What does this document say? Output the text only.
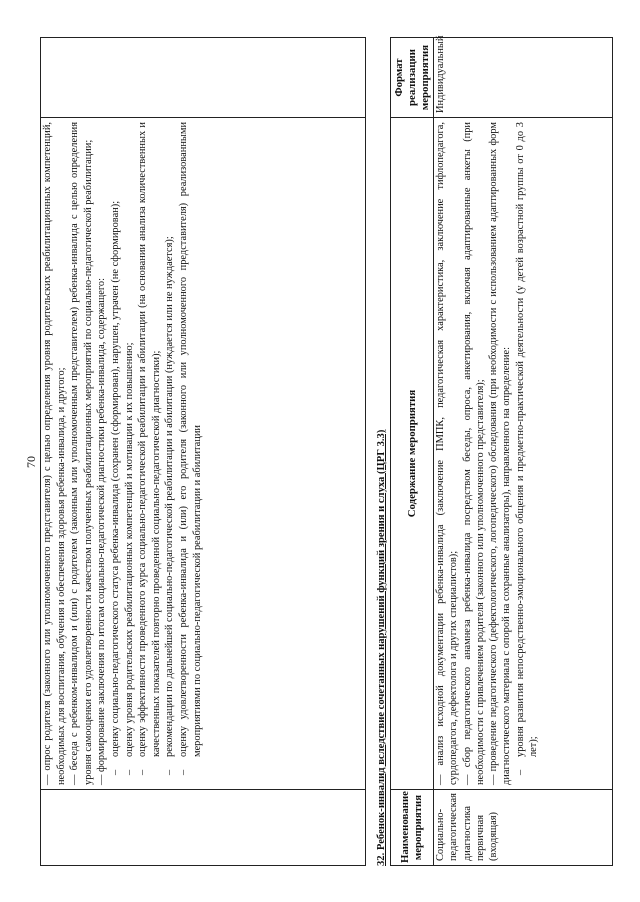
70
	— опрос родителя (законного или уполномоченного представителя) с целью определения уровня родительских реабилитационных компетенций, необходимых для воспитания, обучения и обеспечения здоровья ребенка-инвалида, и другого; — беседа с ребенком-инвалидом и (или) с родителем (законным или уполномоченным представителем) ребенка-инвалида с целью определения уровня самооценки его удовлетворенности качеством полученных реабилитационных мероприятий по социально-педагогической реабилитации; — формирование заключения по итогам социально-педагогической диагностики ребенка-инвалида, содержащего: –
оценку социально-педагогического статуса ребенка-инвалида (сохранен (сформирован), нарушен, утрачен (не сформирован);
–
оценку уровня родительских реабилитационных компетенций и мотивации к их повышению;
–
оценку эффективности проведенного курса социально-педагогической реабилитации и абилитации (на основании анализа количественных и качественных показателей повторно проведенной социально-педагогической диагностики);
–
рекомендации по дальнейшей социально-педагогической реабилитации и абилитации (нуждается или не нуждается);
–
оценку удовлетворенности ребенка-инвалида и (или) его родителя (законного или уполномоченного представителя) реализованными мероприятиями по социально-педагогической реабилитации и абилитации
		32. Ребенок-инвалид вследствие сочетанных нарушений функций зрения и слуха (ЦРГ 3.3) Наименование мероприятия	Содержание мероприятия	Формат реализации мероприятия
Социально-педагогическая диагностика первичная (входящая)	— анализ исходной документации ребенка-инвалида (заключение ПМПК, педагогическая характеристика, заключение тифлопедагога, сурдопедагога, дефектолога и других специалистов); — сбор педагогического анамнеза ребенка-инвалида посредством беседы, опроса, анкетирования, включая адаптированные анкеты (при необходимости с привлечением родителя (законного или уполномоченного представителя); — проведение педагогического (дефектологического, логопедического) обследования (при необходимости с использованием адаптированных форм диагностического материала с опорой на сохранные анализаторы), направленного на определение: –
уровня развития непосредственно-эмоционального общения и предметно-практической деятельности (у детей возрастной группы от 0 до 3 лет);	Индивидуальный
